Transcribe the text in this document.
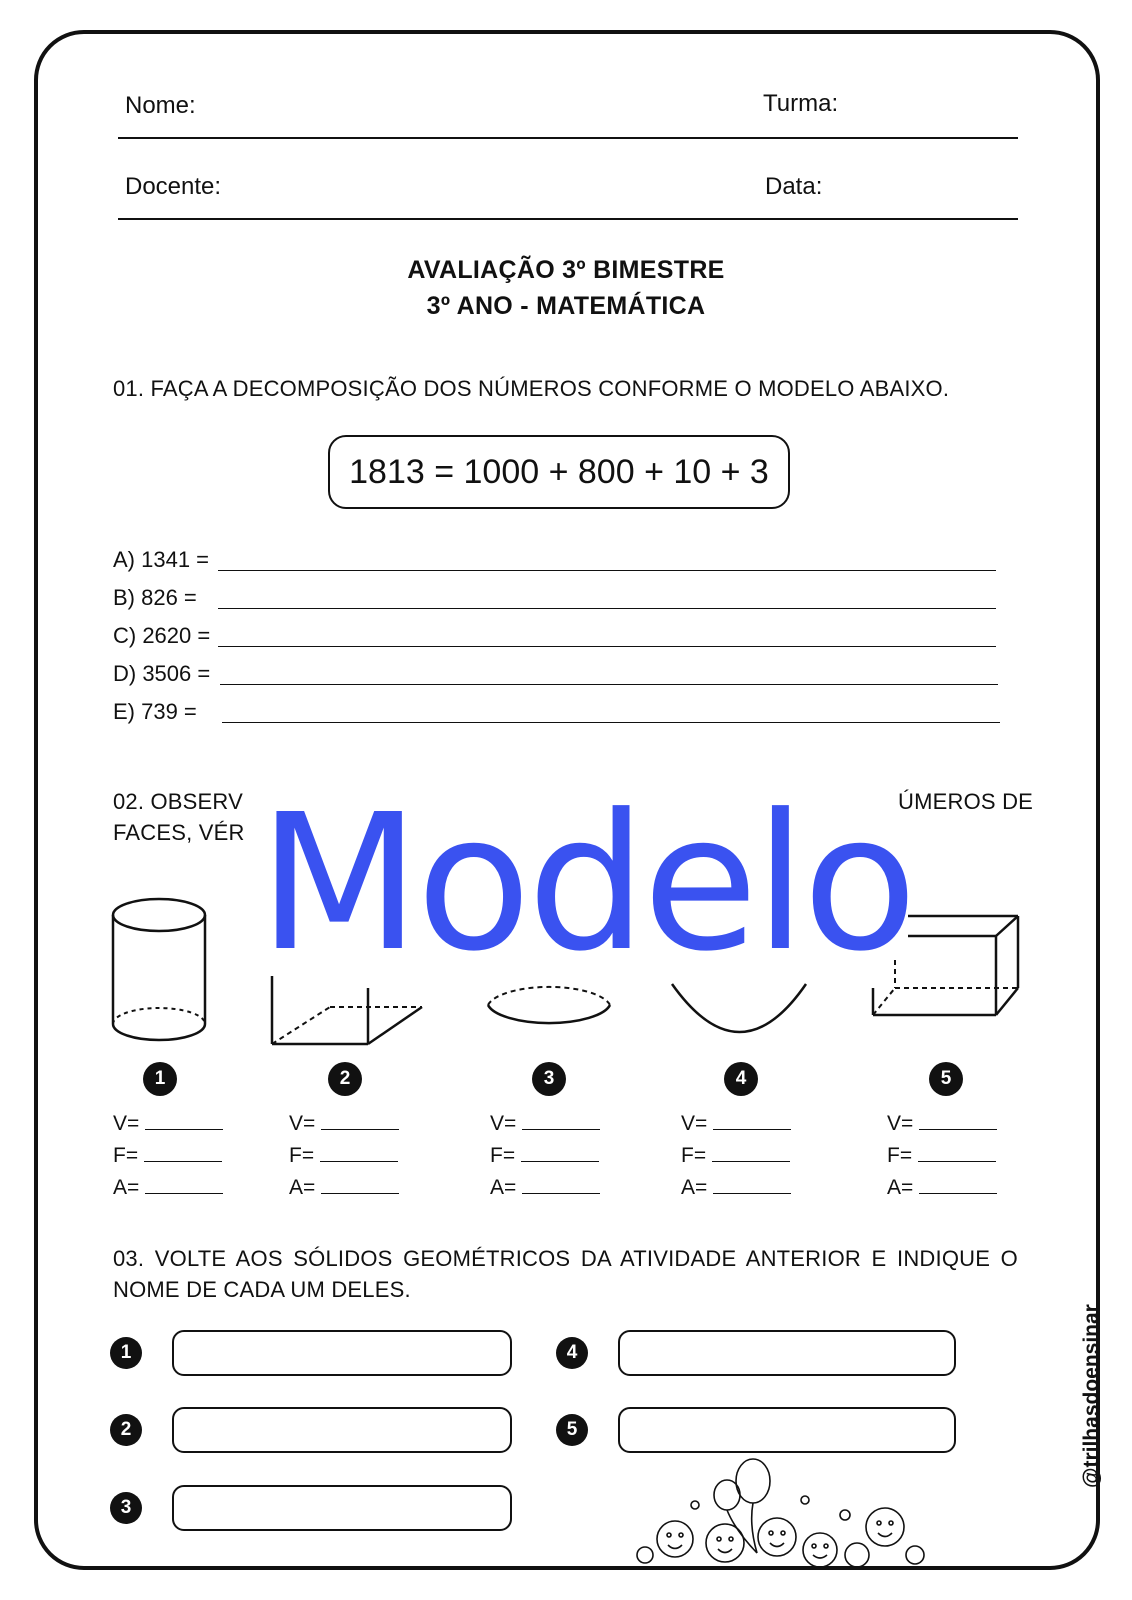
Nome:	Turma:
Docente:	Data:
AVALIAÇÃO 3º BIMESTRE
3º ANO - MATEMÁTICA
01. FAÇA A DECOMPOSIÇÃO DOS NÚMEROS CONFORME O MODELO ABAIXO.
1813 = 1000 + 800 + 10 + 3
A) 1341 =
B) 826 =
C) 2620 =
D) 3506 =
E) 739 =
02. OBSERV	ÚMEROS DE
FACES, VÉR Modelo
1	2	3	4	5
V=
F=
A=
V=
F=
A=
V=
F=
A=
V=
F=
A=
V=
F=
A=
03. VOLTE AOS SÓLIDOS GEOMÉTRICOS DA ATIVIDADE ANTERIOR E INDIQUE O
NOME DE CADA UM DELES.
1
2
3
4
5	@trilhasdoensinar
